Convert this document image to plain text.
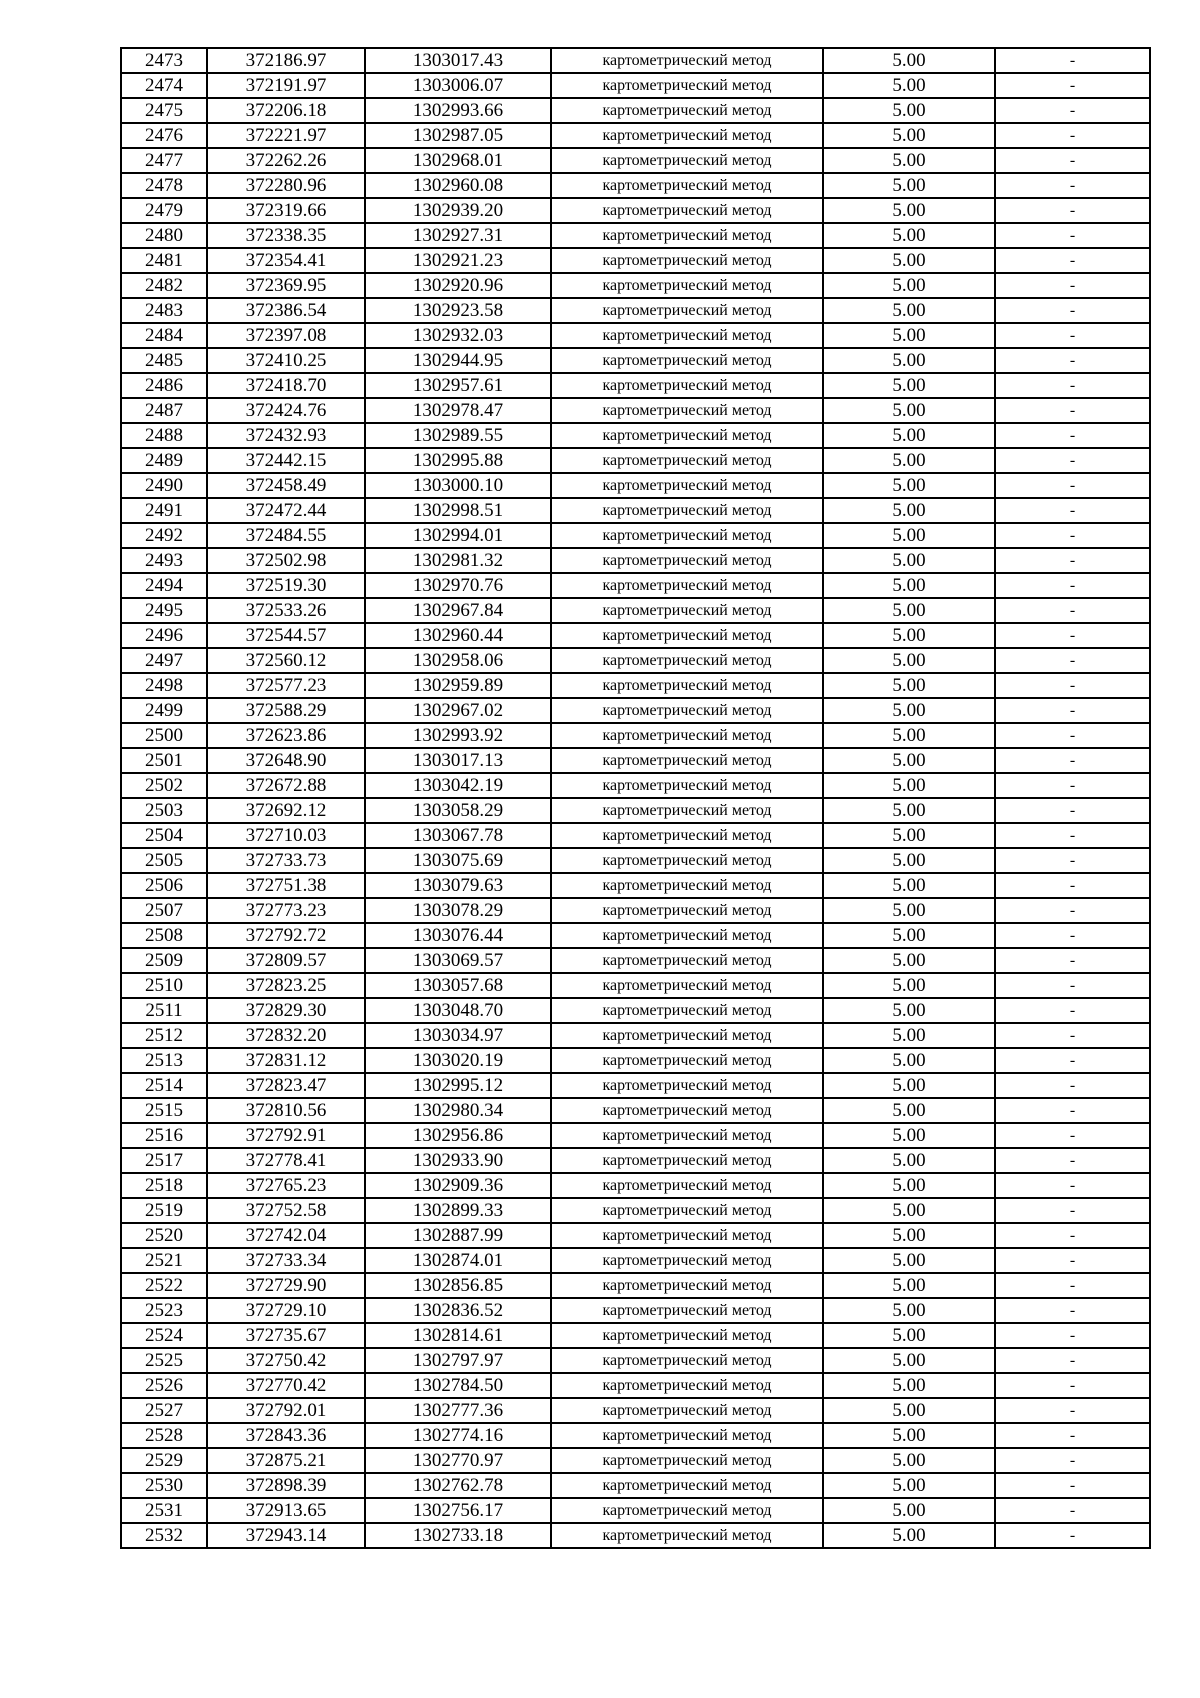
2473	372186.97	1303017.43	картометрический метод	5.00	-
2474	372191.97	1303006.07	картометрический метод	5.00	-
2475	372206.18	1302993.66	картометрический метод	5.00	-
2476	372221.97	1302987.05	картометрический метод	5.00	-
2477	372262.26	1302968.01	картометрический метод	5.00	-
2478	372280.96	1302960.08	картометрический метод	5.00	-
2479	372319.66	1302939.20	картометрический метод	5.00	-
2480	372338.35	1302927.31	картометрический метод	5.00	-
2481	372354.41	1302921.23	картометрический метод	5.00	-
2482	372369.95	1302920.96	картометрический метод	5.00	-
2483	372386.54	1302923.58	картометрический метод	5.00	-
2484	372397.08	1302932.03	картометрический метод	5.00	-
2485	372410.25	1302944.95	картометрический метод	5.00	-
2486	372418.70	1302957.61	картометрический метод	5.00	-
2487	372424.76	1302978.47	картометрический метод	5.00	-
2488	372432.93	1302989.55	картометрический метод	5.00	-
2489	372442.15	1302995.88	картометрический метод	5.00	-
2490	372458.49	1303000.10	картометрический метод	5.00	-
2491	372472.44	1302998.51	картометрический метод	5.00	-
2492	372484.55	1302994.01	картометрический метод	5.00	-
2493	372502.98	1302981.32	картометрический метод	5.00	-
2494	372519.30	1302970.76	картометрический метод	5.00	-
2495	372533.26	1302967.84	картометрический метод	5.00	-
2496	372544.57	1302960.44	картометрический метод	5.00	-
2497	372560.12	1302958.06	картометрический метод	5.00	-
2498	372577.23	1302959.89	картометрический метод	5.00	-
2499	372588.29	1302967.02	картометрический метод	5.00	-
2500	372623.86	1302993.92	картометрический метод	5.00	-
2501	372648.90	1303017.13	картометрический метод	5.00	-
2502	372672.88	1303042.19	картометрический метод	5.00	-
2503	372692.12	1303058.29	картометрический метод	5.00	-
2504	372710.03	1303067.78	картометрический метод	5.00	-
2505	372733.73	1303075.69	картометрический метод	5.00	-
2506	372751.38	1303079.63	картометрический метод	5.00	-
2507	372773.23	1303078.29	картометрический метод	5.00	-
2508	372792.72	1303076.44	картометрический метод	5.00	-
2509	372809.57	1303069.57	картометрический метод	5.00	-
2510	372823.25	1303057.68	картометрический метод	5.00	-
2511	372829.30	1303048.70	картометрический метод	5.00	-
2512	372832.20	1303034.97	картометрический метод	5.00	-
2513	372831.12	1303020.19	картометрический метод	5.00	-
2514	372823.47	1302995.12	картометрический метод	5.00	-
2515	372810.56	1302980.34	картометрический метод	5.00	-
2516	372792.91	1302956.86	картометрический метод	5.00	-
2517	372778.41	1302933.90	картометрический метод	5.00	-
2518	372765.23	1302909.36	картометрический метод	5.00	-
2519	372752.58	1302899.33	картометрический метод	5.00	-
2520	372742.04	1302887.99	картометрический метод	5.00	-
2521	372733.34	1302874.01	картометрический метод	5.00	-
2522	372729.90	1302856.85	картометрический метод	5.00	-
2523	372729.10	1302836.52	картометрический метод	5.00	-
2524	372735.67	1302814.61	картометрический метод	5.00	-
2525	372750.42	1302797.97	картометрический метод	5.00	-
2526	372770.42	1302784.50	картометрический метод	5.00	-
2527	372792.01	1302777.36	картометрический метод	5.00	-
2528	372843.36	1302774.16	картометрический метод	5.00	-
2529	372875.21	1302770.97	картометрический метод	5.00	-
2530	372898.39	1302762.78	картометрический метод	5.00	-
2531	372913.65	1302756.17	картометрический метод	5.00	-
2532	372943.14	1302733.18	картометрический метод	5.00	-
